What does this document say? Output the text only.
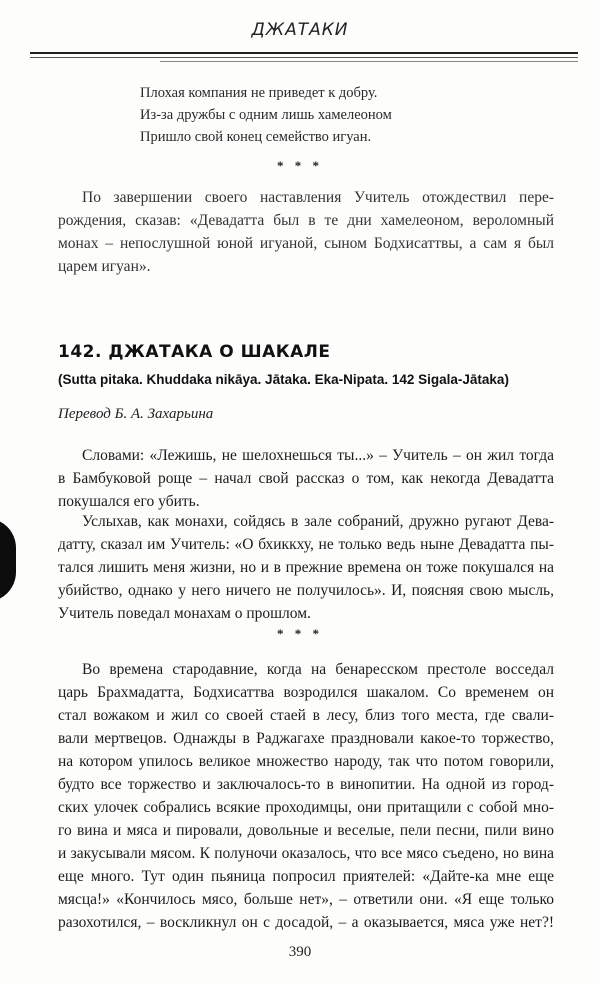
ДЖАТАКИ
Плохая компания не приведет к добру.
Из-за дружбы с одним лишь хамелеоном
Пришло свой конец семейство игуан.
* * *
По завершении своего наставления Учитель отождествил пере-
рождения, сказав: «Девадатта был в те дни хамелеоном, вероломный
монах – непослушной юной игуаной, сыном Бодхисаттвы, а сам я был
царем игуан».
142. ДЖАТАКА О ШАКАЛЕ
(Sutta pitaka. Khuddaka nikāya. Jātaka. Eka-Nipata. 142 Sigala-Jātaka)
Перевод Б. А. Захарьина
Словами: «Лежишь, не шелохнешься ты...» – Учитель – он жил тогда
в Бамбуковой роще – начал свой рассказ о том, как некогда Девадатта
покушался его убить.
Услыхав, как монахи, сойдясь в зале собраний, дружно ругают Дева-
датту, сказал им Учитель: «О бхиккху, не только ведь ныне Девадатта пы-
тался лишить меня жизни, но и в прежние времена он тоже покушался на
убийство, однако у него ничего не получилось». И, поясняя свою мысль,
Учитель поведал монахам о прошлом.
* * *
Во времена стародавние, когда на бенаресском престоле восседал
царь Брахмадатта, Бодхисаттва возродился шакалом. Со временем он
стал вожаком и жил со своей стаей в лесу, близ того места, где свали-
вали мертвецов. Однажды в Раджагахе праздновали какое-то торжество,
на котором упилось великое множество народу, так что потом говорили,
будто все торжество и заключалось-то в винопитии. На одной из город-
ских улочек собрались всякие проходимцы, они притащили с собой мно-
го вина и мяса и пировали, довольные и веселые, пели песни, пили вино
и закусывали мясом. К полуночи оказалось, что все мясо съедено, но вина
еще много. Тут один пьяница попросил приятелей: «Дайте-ка мне еще
мясца!» «Кончилось мясо, больше нет», – ответили они. «Я еще только
разохотился, – воскликнул он с досадой, – а оказывается, мяса уже нет?!
390
